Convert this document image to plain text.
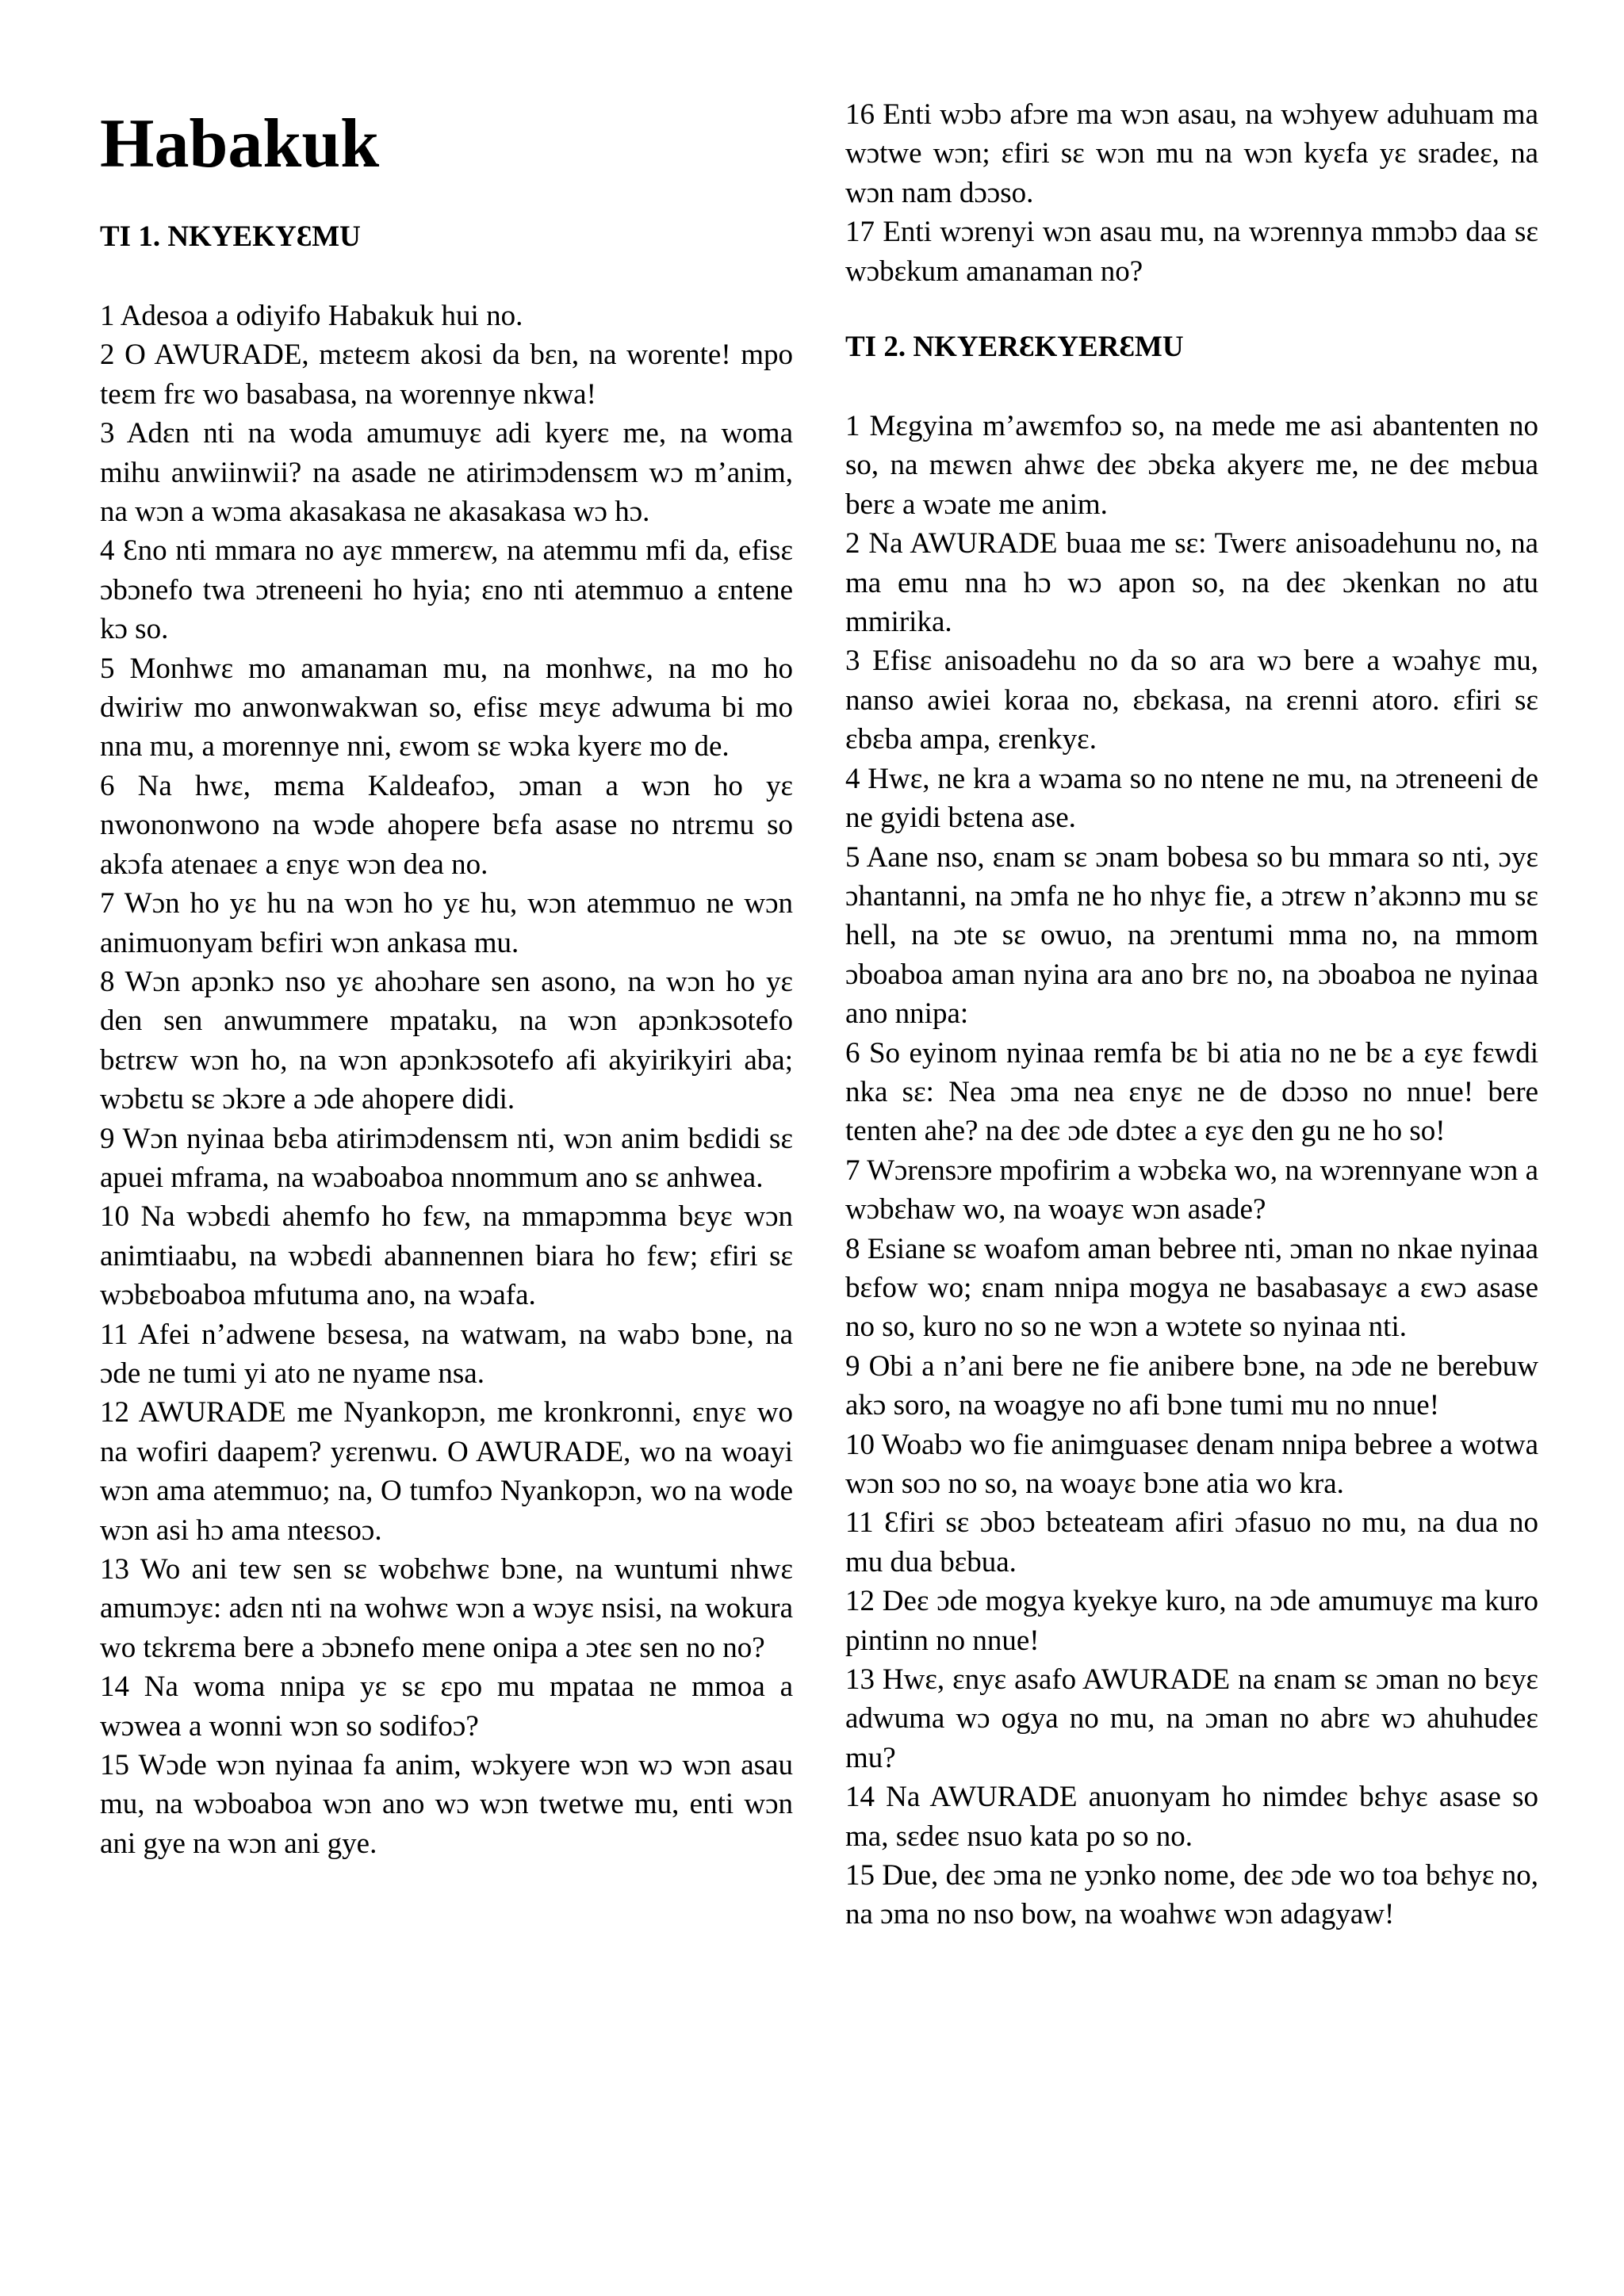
Habakuk
TI 1. NKYEKYƐMU

1 Adesoa a odiyifo Habakuk hui no.

2 O AWURADE, mɛteɛm akosi da bɛn, na worente! mpo teɛm frɛ wo basabasa, na worennye nkwa!

3 Adɛn nti na woda amumuyɛ adi kyerɛ me, na woma mihu anwiinwii? na asade ne atirimɔdensɛm wɔ m’anim, na wɔn a wɔma akasakasa ne akasakasa wɔ hɔ.

4 Ɛno nti mmara no ayɛ mmerɛw, na atemmu mfi da, efisɛ ɔbɔnefo twa ɔtreneeni ho hyia; ɛno nti atemmuo a ɛntene kɔ so.

5 Monhwɛ mo amanaman mu, na monhwɛ, na mo ho dwiriw mo anwonwakwan so, efisɛ mɛyɛ adwuma bi mo nna mu, a morennye nni, ɛwom sɛ wɔka kyerɛ mo de.

6 Na hwɛ, mɛma Kaldeafoɔ, ɔman a wɔn ho yɛ nwononwono na wɔde ahopere bɛfa asase no ntrɛmu so akɔfa atenaeɛ a ɛnyɛ wɔn dea no.

7 Wɔn ho yɛ hu na wɔn ho yɛ hu, wɔn atemmuo ne wɔn animuonyam bɛfiri wɔn ankasa mu.

8 Wɔn apɔnkɔ nso yɛ ahoɔhare sen asono, na wɔn ho yɛ den sen anwummere mpataku, na wɔn apɔnkɔsotefo bɛtrɛw wɔn ho, na wɔn apɔnkɔsotefo afi akyirikyiri aba; wɔbɛtu sɛ ɔkɔre a ɔde ahopere didi.

9 Wɔn nyinaa bɛba atirimɔdensɛm nti, wɔn anim bɛdidi sɛ apuei mframa, na wɔaboaboa nnommum ano sɛ anhwea.

10 Na wɔbɛdi ahemfo ho fɛw, na mmapɔmma bɛyɛ wɔn animtiaabu, na wɔbɛdi abannennen biara ho fɛw; ɛfiri sɛ wɔbɛboaboa mfutuma ano, na wɔafa.

11 Afei n’adwene bɛsesa, na watwam, na wabɔ bɔne, na ɔde ne tumi yi ato ne nyame nsa.

12 AWURADE me Nyankopɔn, me kronkronni, ɛnyɛ wo na wofiri daapem? yɛrenwu. O AWURADE, wo na woayi wɔn ama atemmuo; na, O tumfoɔ Nyankopɔn, wo na wode wɔn asi hɔ ama nteɛsoɔ.

13 Wo ani tew sen sɛ wobɛhwɛ bɔne, na wuntumi nhwɛ amumɔyɛ: adɛn nti na wohwɛ wɔn a wɔyɛ nsisi, na wokura wo tɛkrɛma bere a ɔbɔnefo mene onipa a ɔteɛ sen no no?

14 Na woma nnipa yɛ sɛ ɛpo mu mpataa ne mmoa a wɔwea a wonni wɔn so sodifoɔ?

15 Wɔde wɔn nyinaa fa anim, wɔkyere wɔn wɔ wɔn asau mu, na wɔboaboa wɔn ano wɔ wɔn twetwe mu, enti wɔn ani gye na wɔn ani gye.

16 Enti wɔbɔ afɔre ma wɔn asau, na wɔhyew aduhuam ma wɔtwe wɔn; ɛfiri sɛ wɔn mu na wɔn kyɛfa yɛ sradeɛ, na wɔn nam dɔɔso.

17 Enti wɔrenyi wɔn asau mu, na wɔrennya mmɔbɔ daa sɛ wɔbɛkum amanaman no?

TI 2. NKYERƐKYERƐMU

1 Mɛgyina m’awɛmfoɔ so, na mede me asi abantenten no so, na mɛwɛn ahwɛ deɛ ɔbɛka akyerɛ me, ne deɛ mɛbua berɛ a wɔate me anim.

2 Na AWURADE buaa me sɛ: Twerɛ anisoadehunu no, na ma emu nna hɔ wɔ apon so, na deɛ ɔkenkan no atu mmirika.

3 Efisɛ anisoadehu no da so ara wɔ bere a wɔahyɛ mu, nanso awiei koraa no, ɛbɛkasa, na ɛrenni atoro. ɛfiri sɛ ɛbɛba ampa, ɛrenkyɛ.

4 Hwɛ, ne kra a wɔama so no ntene ne mu, na ɔtreneeni de ne gyidi bɛtena ase.

5 Aane nso, ɛnam sɛ ɔnam bobesa so bu mmara so nti, ɔyɛ ɔhantanni, na ɔmfa ne ho nhyɛ fie, a ɔtrɛw n’akɔnnɔ mu sɛ hell, na ɔte sɛ owuo, na ɔrentumi mma no, na mmom ɔboaboa aman nyina ara ano brɛ no, na ɔboaboa ne nyinaa ano nnipa:

6 So eyinom nyinaa remfa bɛ bi atia no ne bɛ a ɛyɛ fɛwdi nka sɛ: Nea ɔma nea ɛnyɛ ne de dɔɔso no nnue! bere tenten ahe? na deɛ ɔde dɔteɛ a ɛyɛ den gu ne ho so!

7 Wɔrensɔre mpofirim a wɔbɛka wo, na wɔrennyane wɔn a wɔbɛhaw wo, na woayɛ wɔn asade?

8 Esiane sɛ woafom aman bebree nti, ɔman no nkae nyinaa bɛfow wo; ɛnam nnipa mogya ne basabasayɛ a ɛwɔ asase no so, kuro no so ne wɔn a wɔtete so nyinaa nti.

9 Obi a n’ani bere ne fie anibere bɔne, na ɔde ne berebuw akɔ soro, na woagye no afi bɔne tumi mu no nnue!

10 Woabɔ wo fie animguaseɛ denam nnipa bebree a wotwa wɔn soɔ no so, na woayɛ bɔne atia wo kra.

11 Ɛfiri sɛ ɔboɔ bɛteateam afiri ɔfasuo no mu, na dua no mu dua bɛbua.

12 Deɛ ɔde mogya kyekye kuro, na ɔde amumuyɛ ma kuro pintinn no nnue!

13 Hwɛ, ɛnyɛ asafo AWURADE na ɛnam sɛ ɔman no bɛyɛ adwuma wɔ ogya no mu, na ɔman no abrɛ wɔ ahuhudeɛ mu?

14 Na AWURADE anuonyam ho nimdeɛ bɛhyɛ asase so ma, sɛdeɛ nsuo kata po so no.

15 Due, deɛ ɔma ne yɔnko nome, deɛ ɔde wo toa bɛhyɛ no, na ɔma no nso bow, na woahwɛ wɔn adagyaw!
